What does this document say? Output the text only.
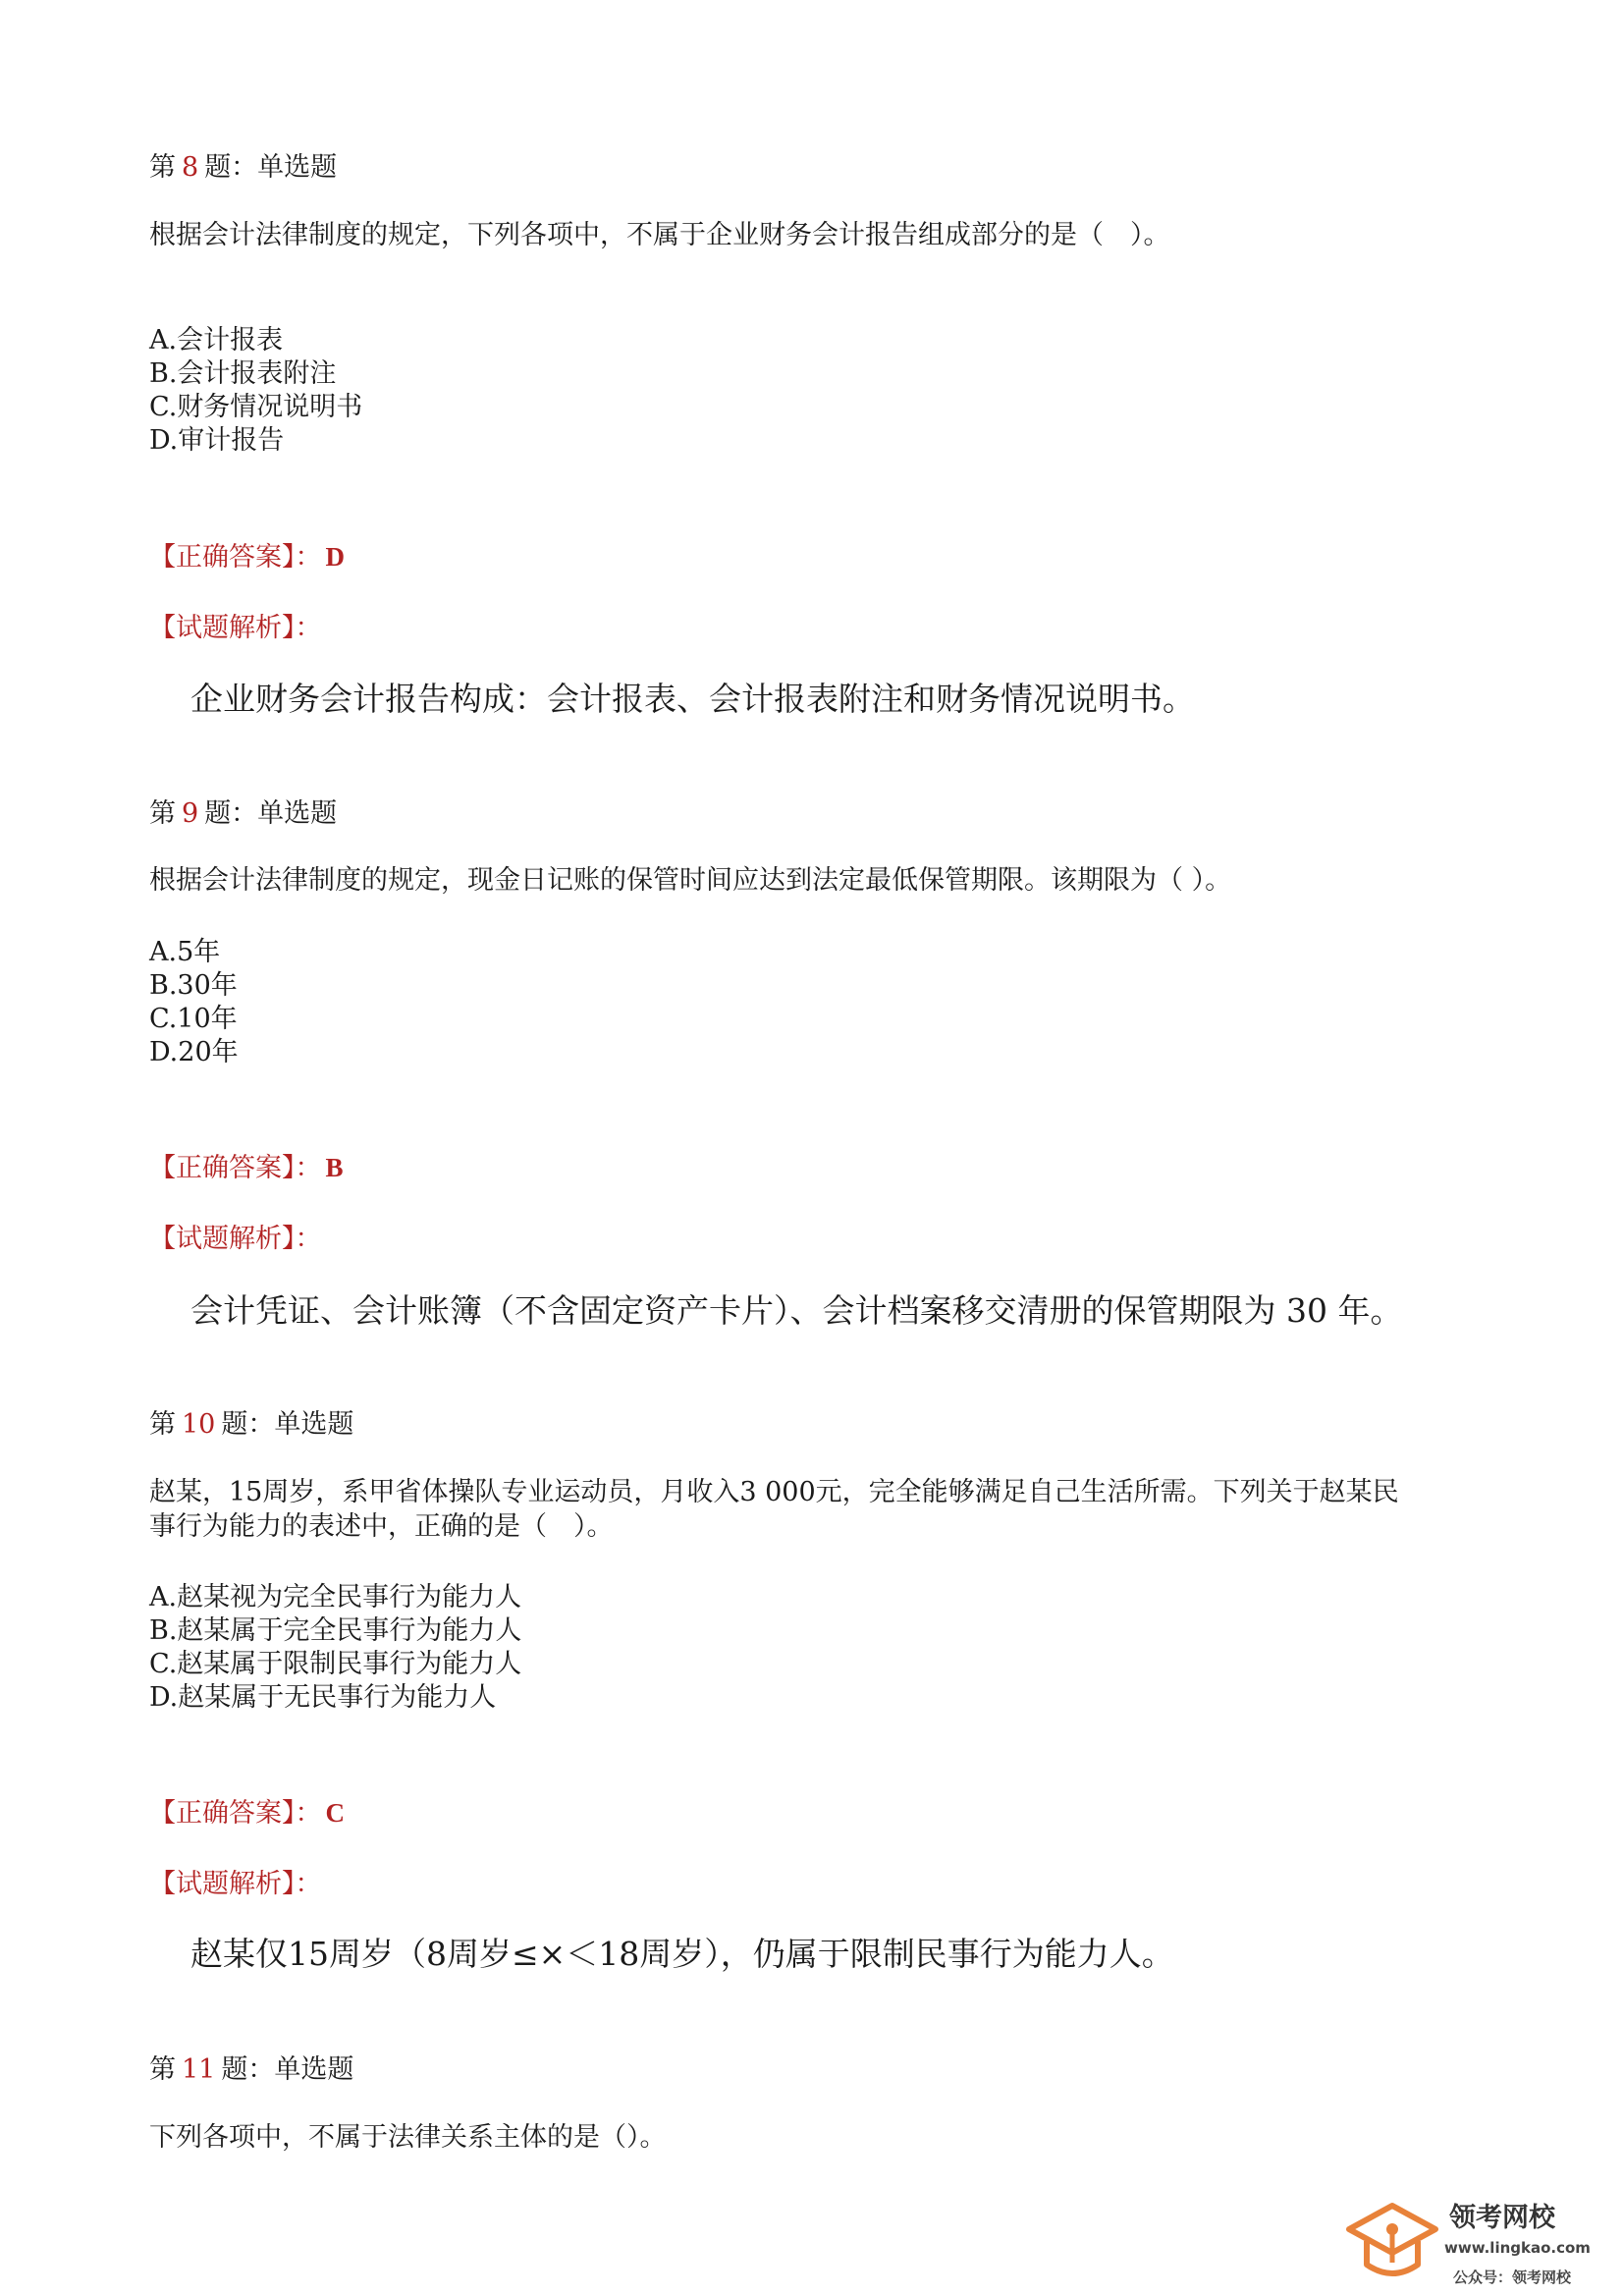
第 8 题：单选题
根据会计法律制度的规定，下列各项中，不属于企业财务会计报告组成部分的是（　）。
A.会计报表
B.会计报表附注
C.财务情况说明书
D.审计报告
【正确答案】： D
【试题解析】：
企业财务会计报告构成：会计报表、会计报表附注和财务情况说明书。
第 9 题：单选题
根据会计法律制度的规定，现金日记账的保管时间应达到法定最低保管期限。该期限为（ ）。
A.5年
B.30年
C.10年
D.20年
【正确答案】： B
【试题解析】：
会计凭证、会计账簿（不含固定资产卡片）、会计档案移交清册的保管期限为 30 年。
第 10 题：单选题
赵某，15周岁，系甲省体操队专业运动员，月收入3 000元，完全能够满足自己生活所需。下列关于赵某民
事行为能力的表述中，正确的是（　）。
A.赵某视为完全民事行为能力人
B.赵某属于完全民事行为能力人
C.赵某属于限制民事行为能力人
D.赵某属于无民事行为能力人
【正确答案】： C
【试题解析】：
赵某仅15周岁（8周岁≤×＜18周岁），仍属于限制民事行为能力人。
第 11 题：单选题
下列各项中，不属于法律关系主体的是（）。
领考网校
www.lingkao.com
公众号：领考网校
